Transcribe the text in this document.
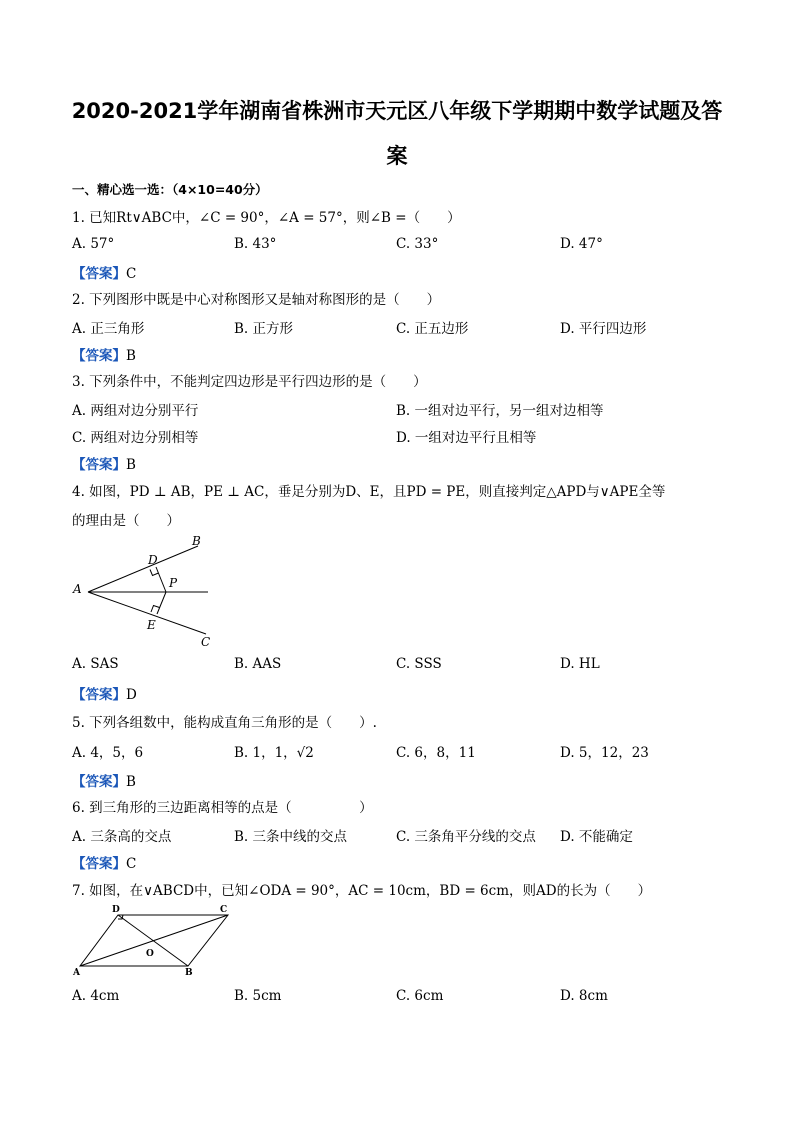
2020-2021学年湖南省株洲市天元区八年级下学期期中数学试题及答
案
一、精心选一选：（4×10=40分）
1. 已知Rt∨ABC中，∠C = 90°，∠A = 57°，则∠B =（　　）
A. 57°	B. 43°	C. 33°	D. 47°
【答案】C
2. 下列图形中既是中心对称图形又是轴对称图形的是（　　）
A. 正三角形	B. 正方形	C. 正五边形	D. 平行四边形
【答案】B
3. 下列条件中，不能判定四边形是平行四边形的是（　　）
A. 两组对边分别平行	B. 一组对边平行，另一组对边相等
C. 两组对边分别相等	D. 一组对边平行且相等
【答案】B
4. 如图，PD ⊥ AB，PE ⊥ AC，垂足分别为D、E，且PD = PE，则直接判定△APD与∨APE全等
的理由是（　　）
A
B
C
D
E
P
A. SAS	B. AAS	C. SSS	D. HL
【答案】D
5. 下列各组数中，能构成直角三角形的是（　　）.
A. 4，5，6	B. 1，1，√2	C. 6，8，11	D. 5，12，23
【答案】B
6. 到三角形的三边距离相等的点是（　　　　　）
A. 三条高的交点	B. 三条中线的交点	C. 三条角平分线的交点 D. 不能确定
【答案】C
7. 如图，在∨ABCD中，已知∠ODA = 90°，AC = 10cm，BD = 6cm，则AD的长为（　　）
D	C
A	B
O
A. 4cm	B. 5cm	C. 6cm	D. 8cm
